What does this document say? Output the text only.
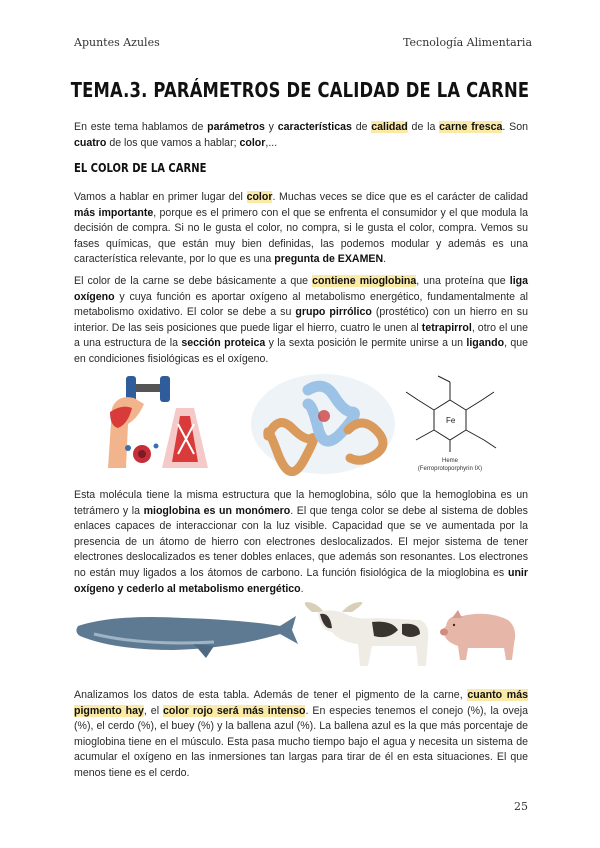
Apuntes Azules	Tecnología Alimentaria
TEMA.3. PARÁMETROS DE CALIDAD DE LA CARNE
En este tema hablamos de parámetros y características de calidad de la carne fresca. Son cuatro de los que vamos a hablar; color,...
EL COLOR DE LA CARNE
Vamos a hablar en primer lugar del color. Muchas veces se dice que es el carácter de calidad más importante, porque es el primero con el que se enfrenta el consumidor y el que modula la decisión de compra. Si no le gusta el color, no compra, si le gusta el color, compra. Vemos su fases químicas, que están muy bien definidas, las podemos modular y además es una característica relevante, por lo que es una pregunta de EXAMEN.
El color de la carne se debe básicamente a que contiene mioglobina, una proteína que liga oxígeno y cuya función es aportar oxígeno al metabolismo energético, fundamentalmente al metabolismo oxidativo. El color se debe a su grupo pirrólico (prostético) con un hierro en su interior. De las seis posiciones que puede ligar el hierro, cuatro le unen al tetrapirrol, otro el une a una estructura de la sección proteica y la sexta posición le permite unirse a un ligando, que en condiciones fisiológicas es el oxígeno.
Fe
Heme
(Ferroprotoporphyrin IX)
Esta molécula tiene la misma estructura que la hemoglobina, sólo que la hemoglobina es un tetrámero y la mioglobina es un monómero. El que tenga color se debe al sistema de dobles enlaces capaces de interaccionar con la luz visible. Capacidad que se ve aumentada por la presencia de un átomo de hierro con electrones deslocalizados. El mejor sistema de tener electrones deslocalizados es tener dobles enlaces, que además son resonantes. Los electrones no están muy ligados a los átomos de carbono. La función fisiológica de la mioglobina es unir oxígeno y cederlo al metabolismo energético.
Analizamos los datos de esta tabla. Además de tener el pigmento de la carne, cuanto más pigmento hay, el color rojo será más intenso. En especies tenemos el conejo (%), la oveja (%), el cerdo (%), el buey (%) y la ballena azul (%). La ballena azul es la que más porcentaje de mioglobina tiene en el músculo. Esta pasa mucho tiempo bajo el agua y necesita un sistema de acumular el oxígeno en las inmersiones tan largas para tirar de él en esta situaciones. El que menos tiene es el cerdo.
25
